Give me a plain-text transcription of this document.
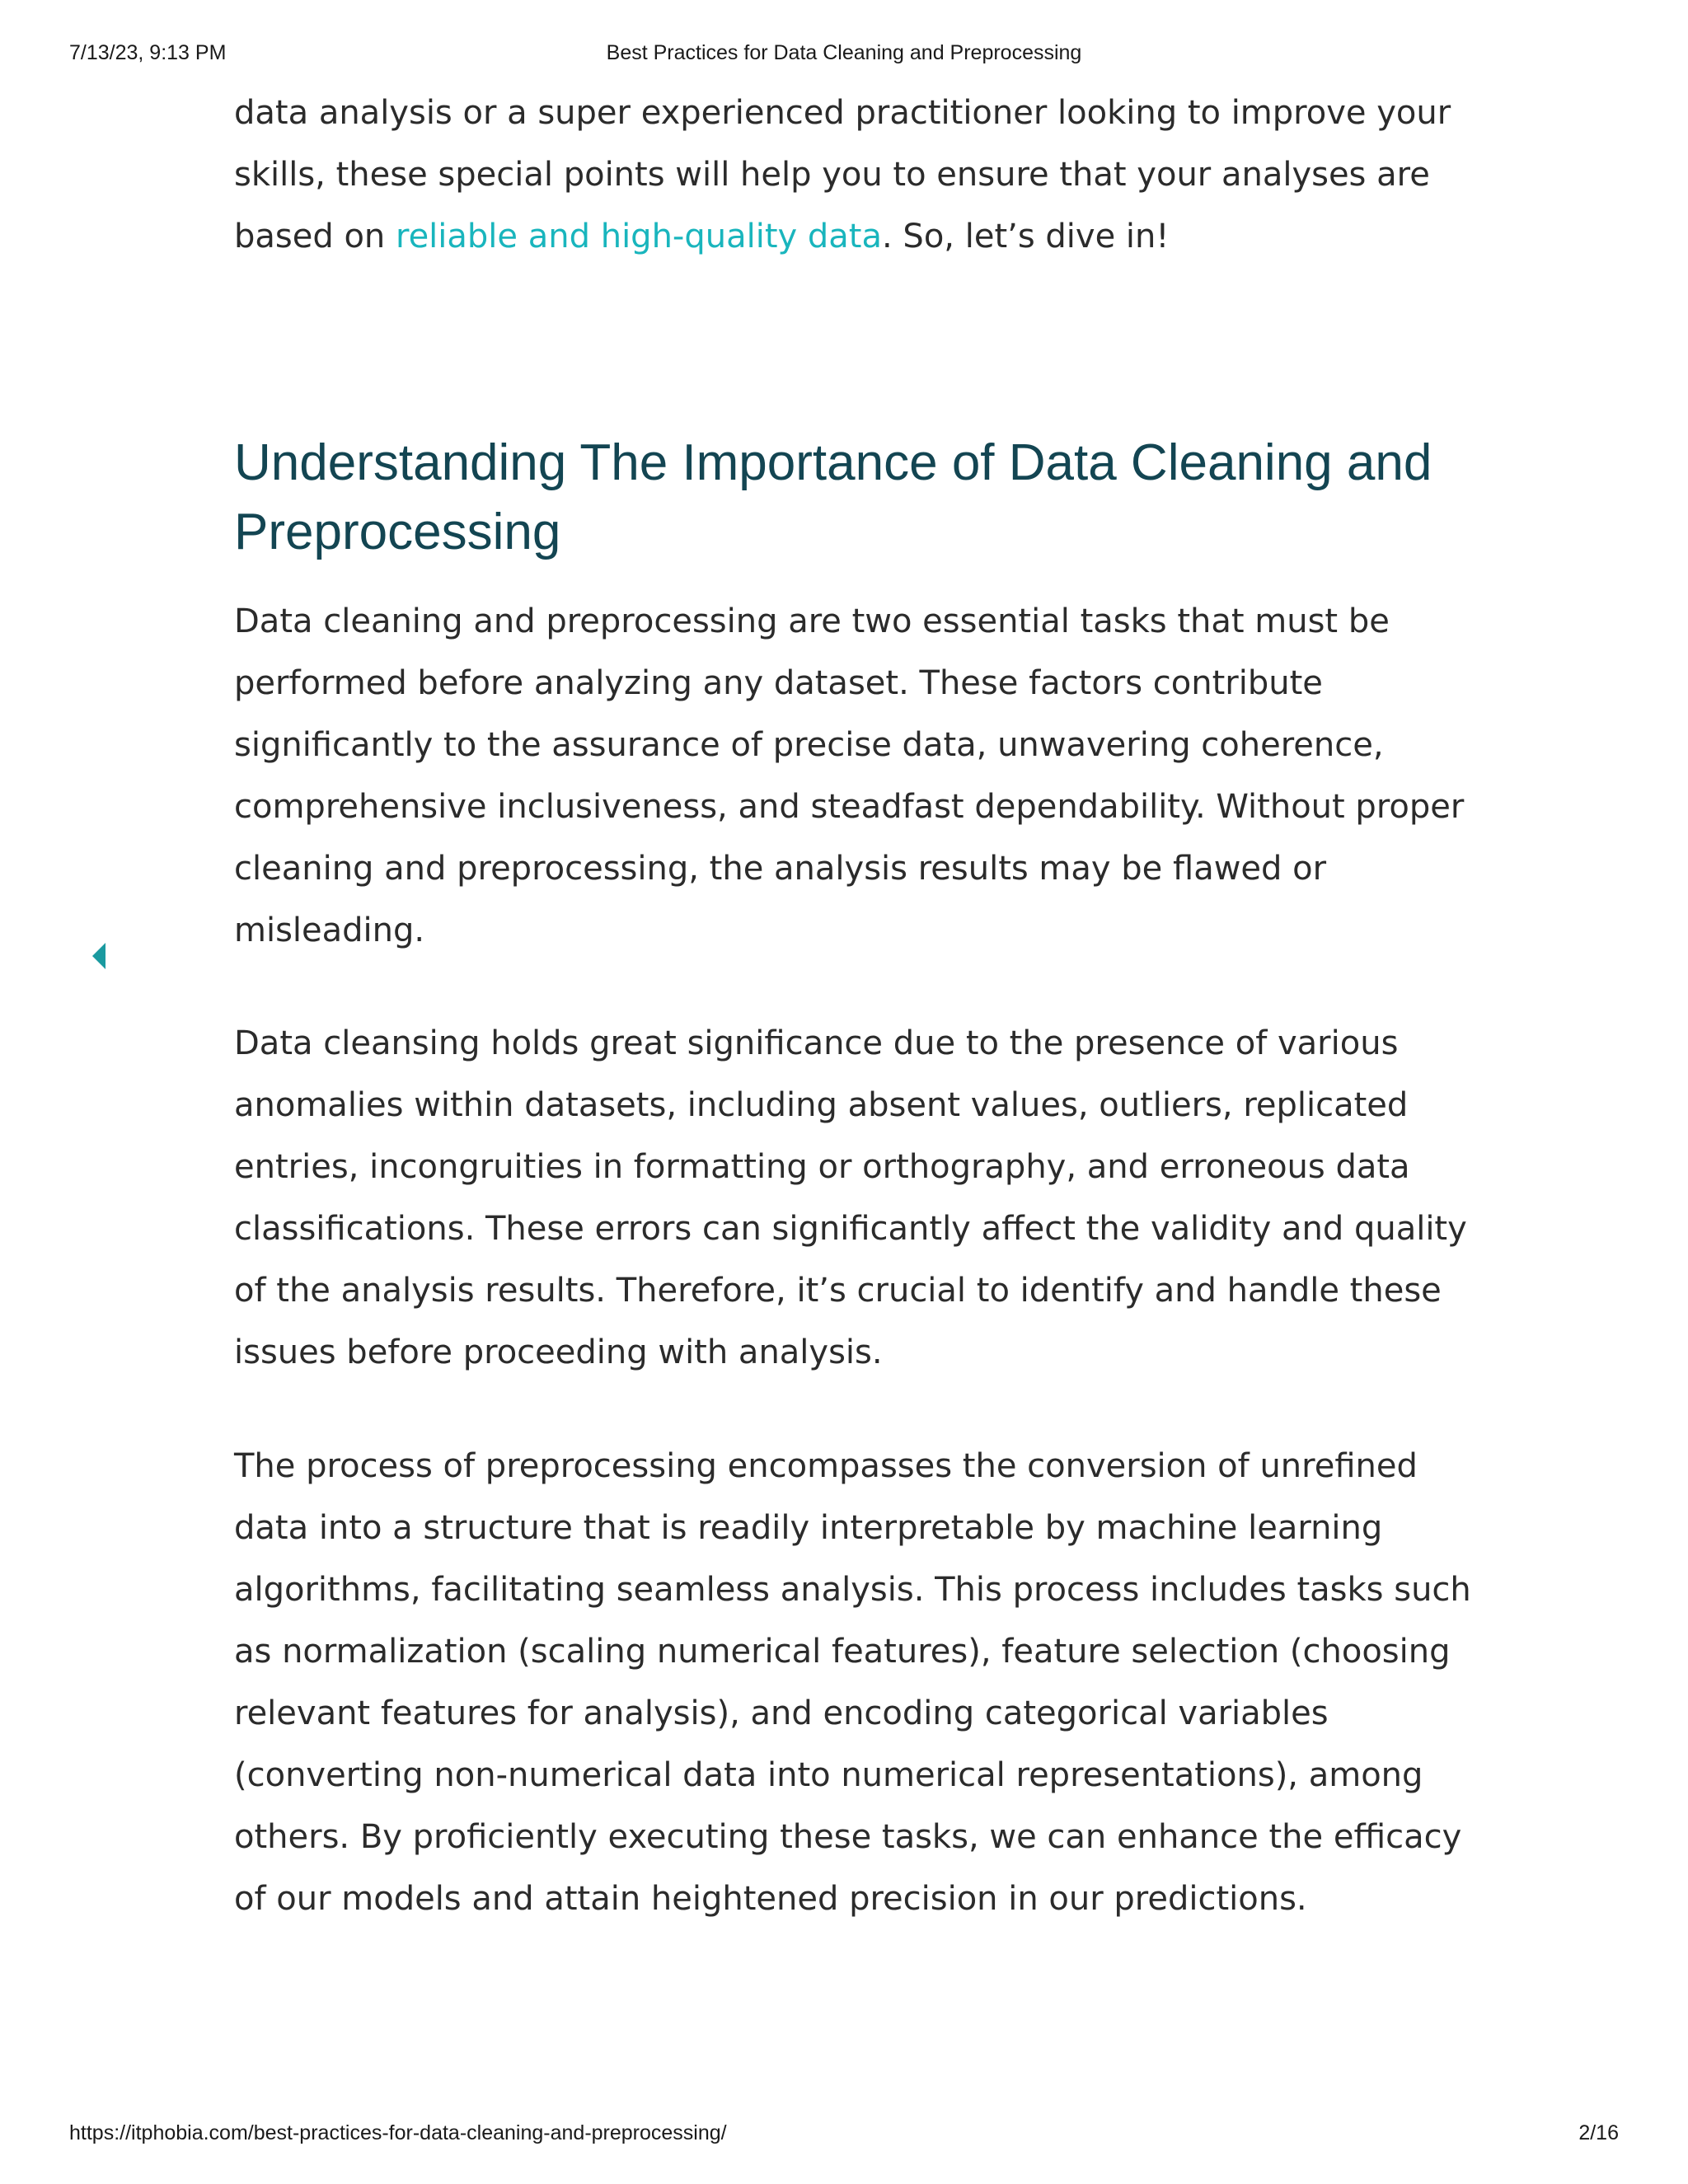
7/13/23, 9:13 PM	Best Practices for Data Cleaning and Preprocessing

data analysis or a super experienced practitioner looking to improve your skills, these special points will help you to ensure that your analyses are based on reliable and high-quality data. So, let’s dive in!

Understanding The Importance of Data Cleaning and Preprocessing

Data cleaning and preprocessing are two essential tasks that must be performed before analyzing any dataset. These factors contribute significantly to the assurance of precise data, unwavering coherence, comprehensive inclusiveness, and steadfast dependability. Without proper cleaning and preprocessing, the analysis results may be flawed or misleading.

Data cleansing holds great significance due to the presence of various anomalies within datasets, including absent values, outliers, replicated entries, incongruities in formatting or orthography, and erroneous data classifications. These errors can significantly affect the validity and quality of the analysis results. Therefore, it’s crucial to identify and handle these issues before proceeding with analysis.

The process of preprocessing encompasses the conversion of unrefined data into a structure that is readily interpretable by machine learning algorithms, facilitating seamless analysis. This process includes tasks such as normalization (scaling numerical features), feature selection (choosing relevant features for analysis), and encoding categorical variables (converting non-numerical data into numerical representations), among others. By proficiently executing these tasks, we can enhance the efficacy of our models and attain heightened precision in our predictions.

https://itphobia.com/best-practices-for-data-cleaning-and-preprocessing/	2/16
